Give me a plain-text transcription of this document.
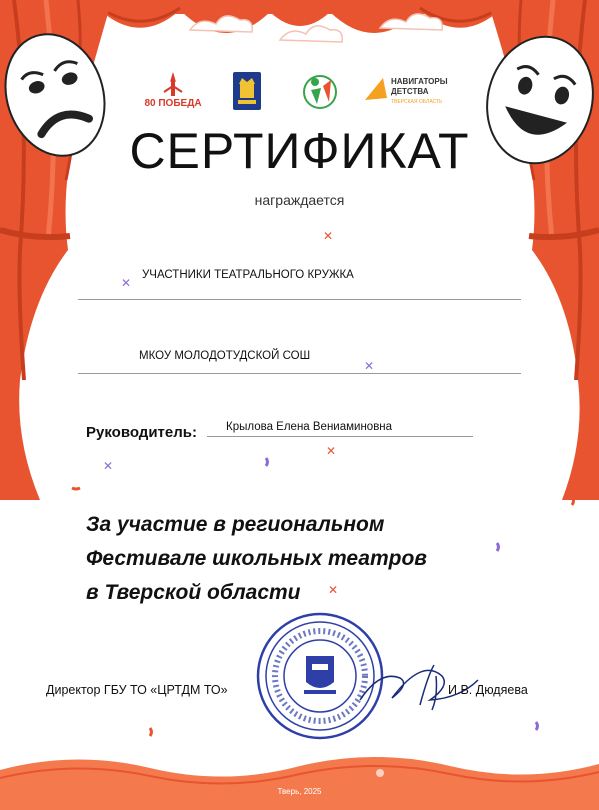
✕
✕
✕
✕
✕
✕
80 ПОБЕДА
НАВИГАТОРЫ
ДЕТСТВА
ТВЕРСКАЯ ОБЛАСТЬ
СЕРТИФИКАТ
награждается
УЧАСТНИКИ ТЕАТРАЛЬНОГО КРУЖКА
МКОУ МОЛОДОТУДСКОЙ СОШ
Руководитель:	Крылова Елена Вениаминовна
За участие в региональном
Фестивале школьных театров
в Тверской области
Директор ГБУ ТО «ЦРТДМ ТО»	И.В. Дюдяева
Тверь, 2025
